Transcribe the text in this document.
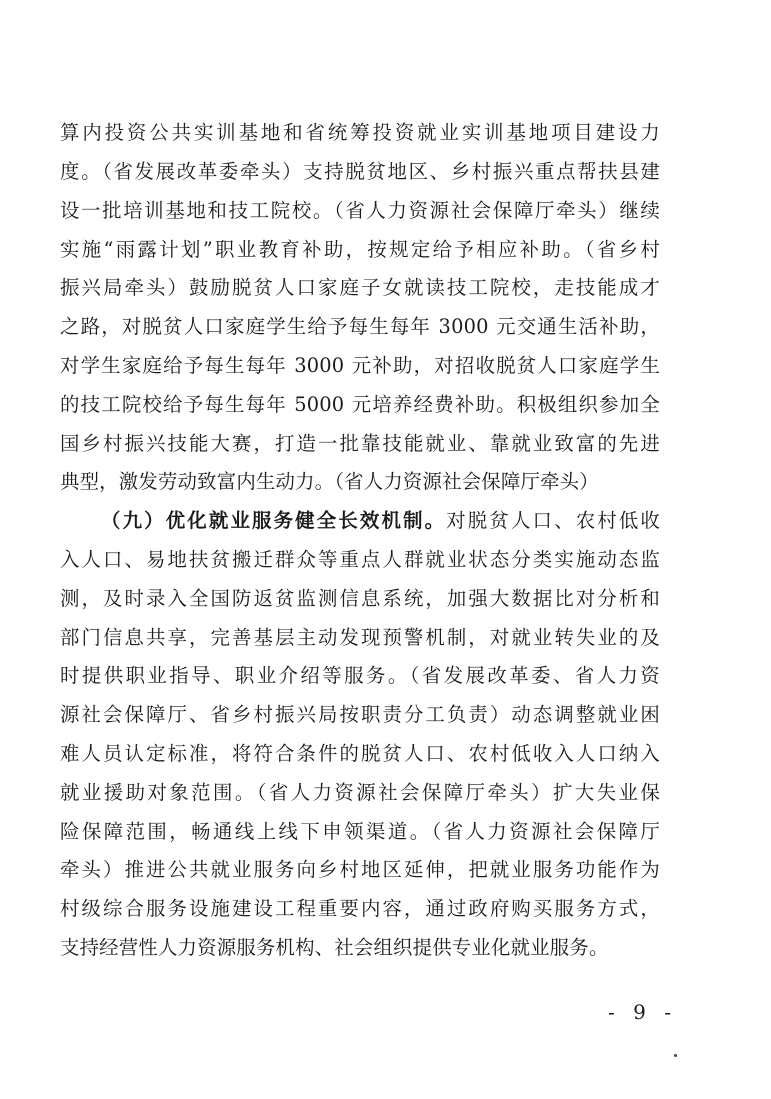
算内投资公共实训基地和省统筹投资就业实训基地项目建设力
度。（省发展改革委牵头）支持脱贫地区、乡村振兴重点帮扶县建
设一批培训基地和技工院校。（省人力资源社会保障厅牵头）继续
实施“雨露计划”职业教育补助，按规定给予相应补助。（省乡村
振兴局牵头）鼓励脱贫人口家庭子女就读技工院校，走技能成才
之路，对脱贫人口家庭学生给予每生每年 3000 元交通生活补助，
对学生家庭给予每生每年 3000 元补助，对招收脱贫人口家庭学生
的技工院校给予每生每年 5000 元培养经费补助。积极组织参加全
国乡村振兴技能大赛，打造一批靠技能就业、靠就业致富的先进
典型，激发劳动致富内生动力。（省人力资源社会保障厅牵头）
（九）优化就业服务健全长效机制。对脱贫人口、农村低收
入人口、易地扶贫搬迁群众等重点人群就业状态分类实施动态监
测，及时录入全国防返贫监测信息系统，加强大数据比对分析和
部门信息共享，完善基层主动发现预警机制，对就业转失业的及
时提供职业指导、职业介绍等服务。（省发展改革委、省人力资
源社会保障厅、省乡村振兴局按职责分工负责）动态调整就业困
难人员认定标准，将符合条件的脱贫人口、农村低收入人口纳入
就业援助对象范围。（省人力资源社会保障厅牵头）扩大失业保
险保障范围，畅通线上线下申领渠道。（省人力资源社会保障厅
牵头）推进公共就业服务向乡村地区延伸，把就业服务功能作为
村级综合服务设施建设工程重要内容，通过政府购买服务方式，
支持经营性人力资源服务机构、社会组织提供专业化就业服务。
- 9 -
